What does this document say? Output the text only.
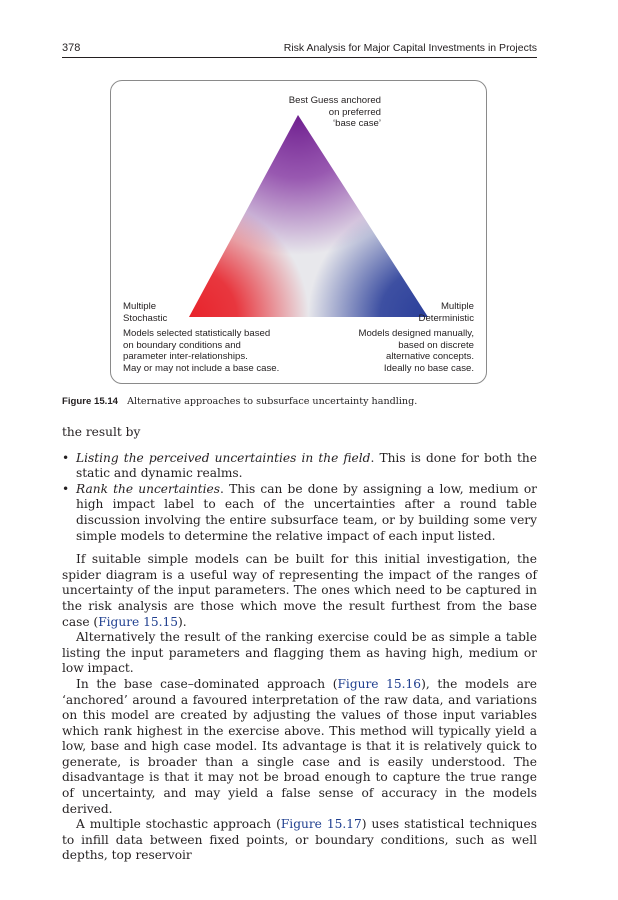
378	Risk Analysis for Major Capital Investments in Projects
Best Guess anchored
on preferred
‘base case’
Multiple
Stochastic
Models selected statistically based
on boundary conditions and
parameter inter-relationships.
May or may not include a base case.
Multiple
Deterministic
Models designed manually,
based on discrete
alternative concepts.
Ideally no base case.
Figure 15.14 Alternative approaches to subsurface uncertainty handling.

the result by

• Listing the perceived uncertainties in the field. This is done for both the static and dynamic realms.
• Rank the uncertainties. This can be done by assigning a low, medium or high impact label to each of the uncertainties after a round table discussion involving the entire subsurface team, or by building some very simple models to determine the relative impact of each input listed.

If suitable simple models can be built for this initial investigation, the spider diagram is a useful way of representing the impact of the ranges of uncertainty of the input parameters. The ones which need to be captured in the risk analysis are those which move the result furthest from the base case (Figure 15.15).

Alternatively the result of the ranking exercise could be as simple a table listing the input parameters and flagging them as having high, medium or low impact.

In the base case–dominated approach (Figure 15.16), the models are ‘anchored’ around a favoured interpretation of the raw data, and variations on this model are created by adjusting the values of those input variables which rank highest in the exercise above. This method will typically yield a low, base and high case model. Its advantage is that it is relatively quick to generate, is broader than a single case and is easily understood. The disadvantage is that it may not be broad enough to capture the true range of uncertainty, and may yield a false sense of accuracy in the models derived.

A multiple stochastic approach (Figure 15.17) uses statistical techniques to infill data between fixed points, or boundary conditions, such as well depths, top reservoir
